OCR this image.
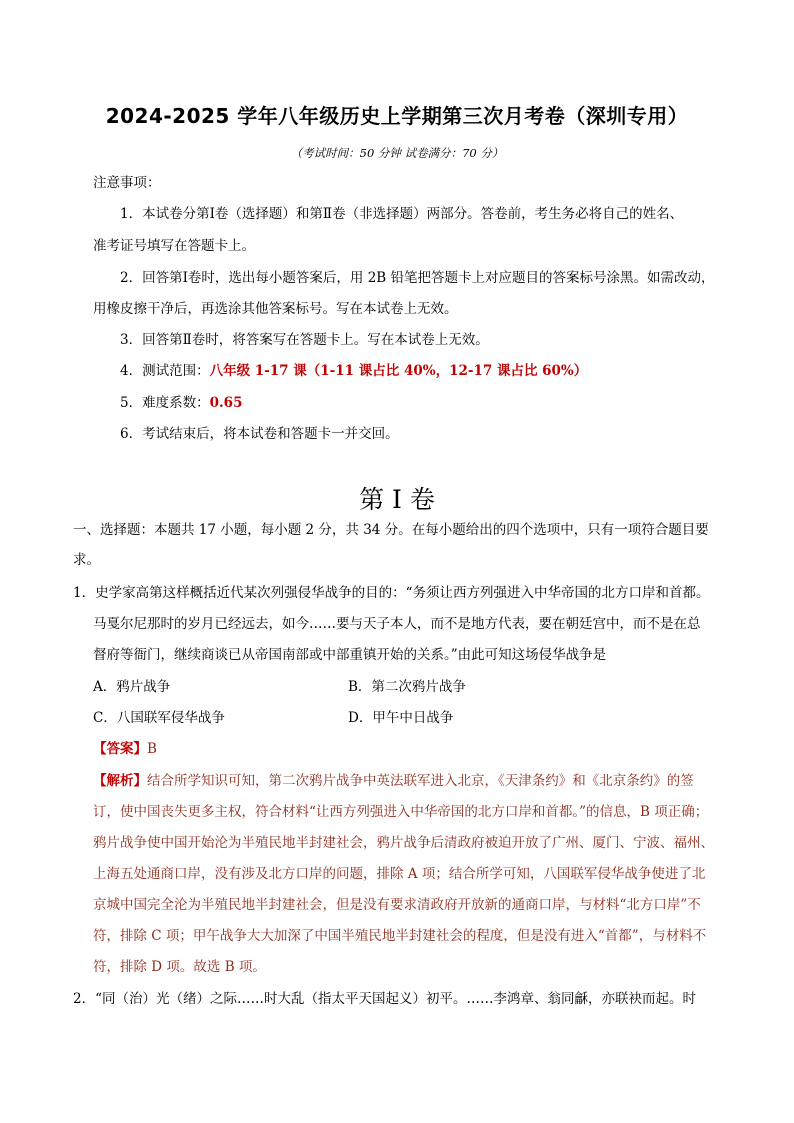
2024-2025 学年八年级历史上学期第三次月考卷（深圳专用）
（考试时间：50 分钟 试卷满分：70 分）
注意事项：
1．本试卷分第Ⅰ卷（选择题）和第Ⅱ卷（非选择题）两部分。答卷前，考生务必将自己的姓名、
准考证号填写在答题卡上。
2．回答第Ⅰ卷时，选出每小题答案后，用 2B 铅笔把答题卡上对应题目的答案标号涂黑。如需改动，
用橡皮擦干净后，再选涂其他答案标号。写在本试卷上无效。
3．回答第Ⅱ卷时，将答案写在答题卡上。写在本试卷上无效。
4．测试范围：八年级 1-17 课（1-11 课占比 40%，12-17 课占比 60%）
5．难度系数：0.65
6．考试结束后，将本试卷和答题卡一并交回。
第 I 卷
一、选择题：本题共 17 小题，每小题 2 分，共 34 分。在每小题给出的四个选项中，只有一项符合题目要
求。
1．史学家高第这样概括近代某次列强侵华战争的目的：“务须让西方列强进入中华帝国的北方口岸和首都。
马戛尔尼那时的岁月已经远去，如今……要与天子本人，而不是地方代表，要在朝廷宫中，而不是在总
督府等衙门，继续商谈已从帝国南部或中部重镇开始的关系。”由此可知这场侵华战争是
A．鸦片战争	B．第二次鸦片战争
C．八国联军侵华战争	D．甲午中日战争
【答案】B
【解析】结合所学知识可知，第二次鸦片战争中英法联军进入北京，《天津条约》和《北京条约》的签
订，使中国丧失更多主权，符合材料“让西方列强进入中华帝国的北方口岸和首都。”的信息，B 项正确；
鸦片战争使中国开始沦为半殖民地半封建社会，鸦片战争后清政府被迫开放了广州、厦门、宁波、福州、
上海五处通商口岸，没有涉及北方口岸的问题，排除 A 项；结合所学可知，八国联军侵华战争使进了北
京城中国完全沦为半殖民地半封建社会，但是没有要求清政府开放新的通商口岸，与材料“北方口岸”不
符，排除 C 项；甲午战争大大加深了中国半殖民地半封建社会的程度，但是没有进入“首都”，与材料不
符，排除 D 项。故选 B 项。
2．“同（治）光（绪）之际……时大乱（指太平天国起义）初平。……李鸿章、翁同龢，亦联袂而起。时
